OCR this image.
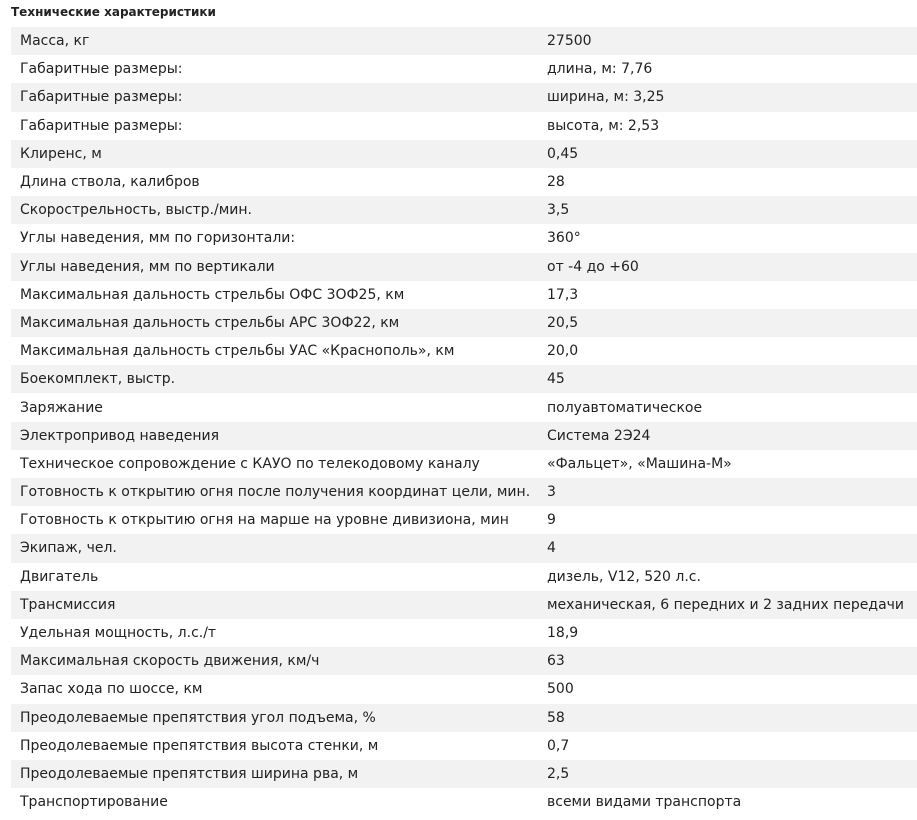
Технические характеристики
Масса, кг	27500
Габаритные размеры:	длина, м: 7,76
Габаритные размеры:	ширина, м: 3,25
Габаритные размеры:	высота, м: 2,53
Клиренс, м	0,45
Длина ствола, калибров	28
Скорострельность, выстр./мин.	3,5
Углы наведения, мм по горизонтали:	360°
Углы наведения, мм по вертикали	от -4 до +60
Максимальная дальность стрельбы ОФС 3ОФ25, км	17,3
Максимальная дальность стрельбы АРС 3ОФ22, км	20,5
Максимальная дальность стрельбы УАС «Краснополь», км	20,0
Боекомплект, выстр.	45
Заряжание	полуавтоматическое
Электропривод наведения	Система 2Э24
Техническое сопровождение с КАУО по телекодовому каналу	«Фальцет», «Машина-М»
Готовность к открытию огня после получения координат цели, мин.	3
Готовность к открытию огня на марше на уровне дивизиона, мин	9
Экипаж, чел.	4
Двигатель	дизель, V12, 520 л.с.
Трансмиссия	механическая, 6 передних и 2 задних передачи
Удельная мощность, л.с./т	18,9
Максимальная скорость движения, км/ч	63
Запас хода по шоссе, км	500
Преодолеваемые препятствия угол подъема, %	58
Преодолеваемые препятствия высота стенки, м	0,7
Преодолеваемые препятствия ширина рва, м	2,5
Транспортирование	всеми видами транспорта
